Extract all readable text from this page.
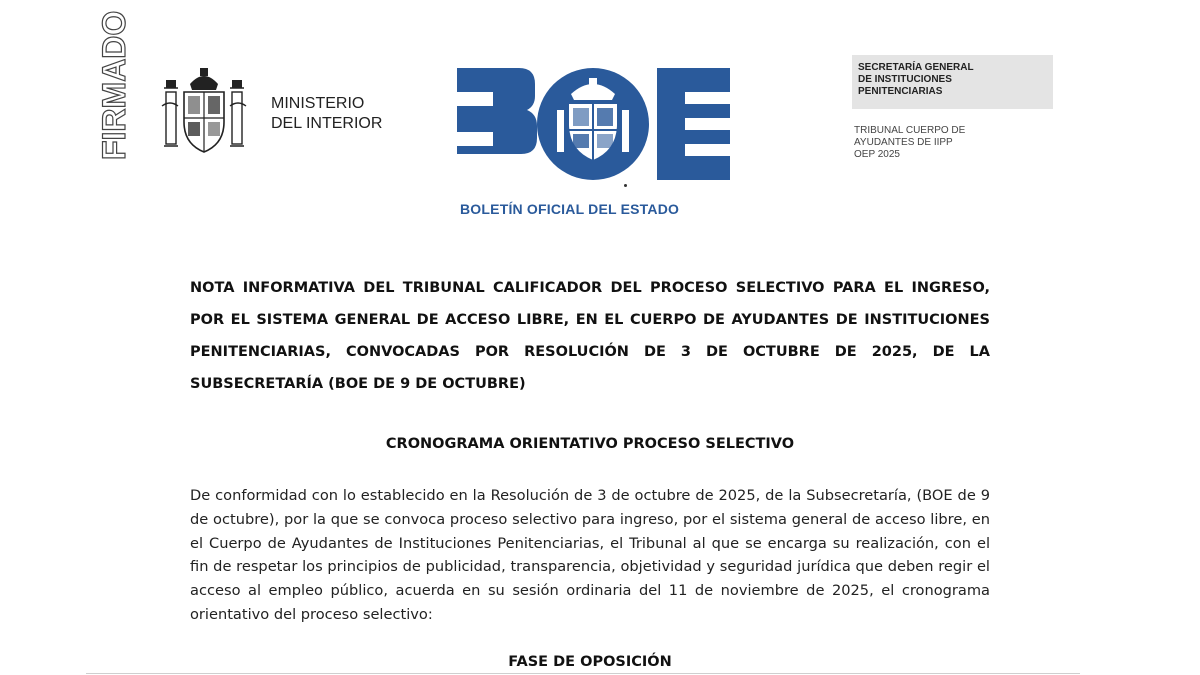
FIRMADO	MINISTERIO
DEL INTERIOR
BOLETÍN OFICIAL DEL ESTADO
SECRETARÍA GENERAL
DE INSTITUCIONES
PENITENCIARIAS
TRIBUNAL CUERPO DE
AYUDANTES DE IIPP
OEP 2025
NOTA INFORMATIVA DEL TRIBUNAL CALIFICADOR DEL PROCESO SELECTIVO PARA EL INGRESO, POR EL SISTEMA GENERAL DE ACCESO LIBRE, EN EL CUERPO DE AYUDANTES DE INSTITUCIONES PENITENCIARIAS, CONVOCADAS POR RESOLUCIÓN DE 3 DE OCTUBRE DE 2025, DE LA SUBSECRETARÍA (BOE DE 9 DE OCTUBRE)
CRONOGRAMA ORIENTATIVO PROCESO SELECTIVO
De conformidad con lo establecido en la Resolución de 3 de octubre de 2025, de la Subsecretaría, (BOE de 9 de octubre), por la que se convoca proceso selectivo para ingreso, por el sistema general de acceso libre, en el Cuerpo de Ayudantes de Instituciones Penitenciarias, el Tribunal al que se encarga su realización, con el fin de respetar los principios de publicidad, transparencia, objetividad y seguridad jurídica que deben regir el acceso al empleo público, acuerda en su sesión ordinaria del 11 de noviembre de 2025, el cronograma orientativo del proceso selectivo:
FASE DE OPOSICIÓN
